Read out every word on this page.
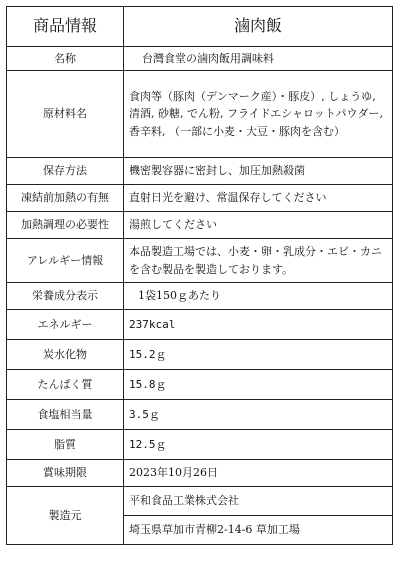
商品情報	滷肉飯
名称	台灣食堂の滷肉飯用調味料
原材料名	食肉等（豚肉（デンマーク産）・豚皮）, しょうゆ, 清酒, 砂糖, でん粉, フライドエシャロットパウダー, 香辛料, （一部に小麦・大豆・豚肉を含む）
保存方法	機密製容器に密封し、加圧加熱殺菌
凍結前加熱の有無	直射日光を避け、常温保存してください
加熱調理の必要性	湯煎してください
アレルギー情報	本品製造工場では、小麦・卵・乳成分・エビ・カニを含む製品を製造しております。
栄養成分表示	1袋150ｇあたり
エネルギー	237kcal
炭水化物	15.2ｇ
たんぱく質	15.8ｇ
食塩相当量	3.5ｇ
脂質	12.5ｇ
賞味期限	2023年10月26日
製造元	平和食品工業株式会社
	埼玉県草加市青柳2-14-6 草加工場
